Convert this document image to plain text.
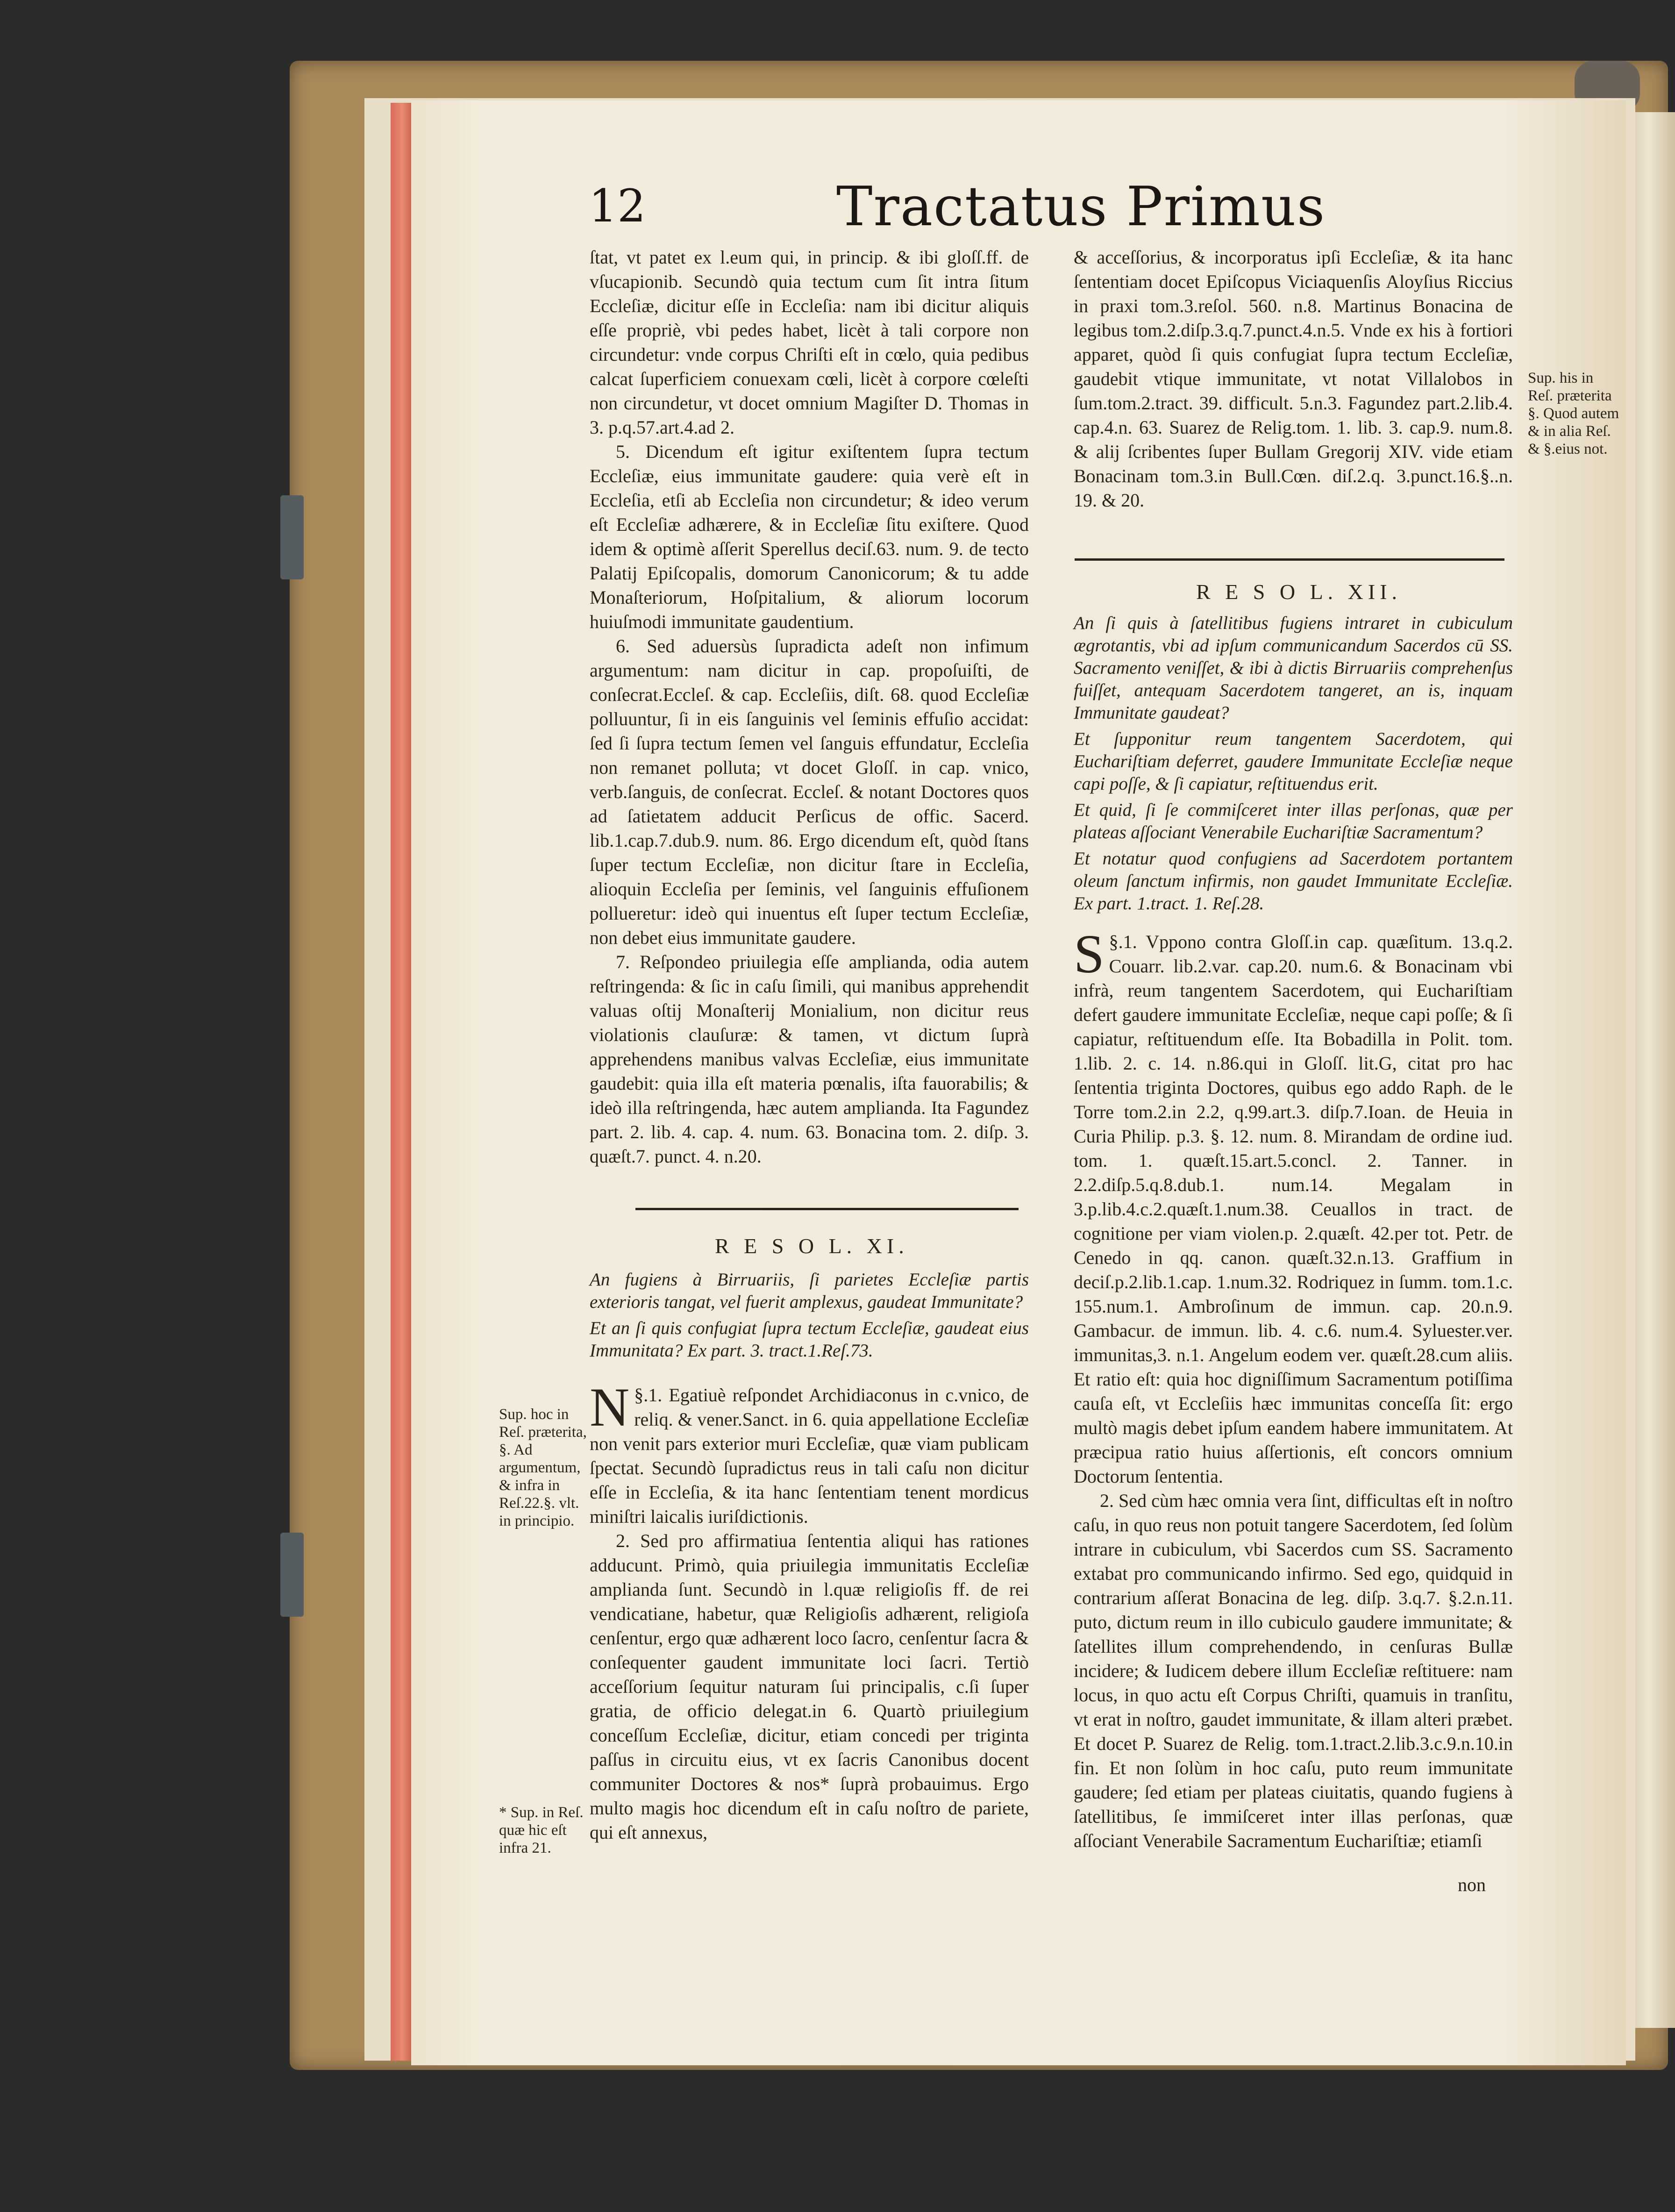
12	Tractatus Primus

ſtat, vt patet ex l.eum qui, in princip. & ibi gloſſ.ff. de vſucapionib. Secundò quia tectum cum ſit intra ſitum Eccleſiæ, dicitur eſſe in Eccleſia: nam ibi dicitur aliquis eſſe propriè, vbi pedes habet, licèt à tali corpore non circundetur: vnde corpus Chriſti eſt in cœlo, quia pedibus calcat ſuperficiem conuexam cœli, licèt à corpore cœleſti non circundetur, vt docet omnium Magiſter D. Thomas in 3. p.q.57.art.4.ad 2.

5. Dicendum eſt igitur exiſtentem ſupra tectum Eccleſiæ, eius immunitate gaudere: quia verè eſt in Eccleſia, etſi ab Eccleſia non circundetur; & ideo verum eſt Eccleſiæ adhærere, & in Eccleſiæ ſitu exiſtere. Quod idem & optimè aſſerit Sperellus deciſ.63. num. 9. de tecto Palatij Epiſcopalis, domorum Canonicorum; & tu adde Monaſteriorum, Hoſpitalium, & aliorum locorum huiuſmodi immunitate gaudentium.

6. Sed aduersùs ſupradicta adeſt non infimum argumentum: nam dicitur in cap. propoſuiſti, de conſecrat.Eccleſ. & cap. Eccleſiis, diſt. 68. quod Eccleſiæ polluuntur, ſi in eis ſanguinis vel ſeminis effuſio accidat: ſed ſi ſupra tectum ſemen vel ſanguis effundatur, Eccleſia non remanet polluta; vt docet Gloſſ. in cap. vnico, verb.ſanguis, de conſecrat. Eccleſ. & notant Doctores quos ad ſatietatem adducit Perſicus de offic. Sacerd. lib.1.cap.7.dub.9. num. 86. Ergo dicendum eſt, quòd ſtans ſuper tectum Eccleſiæ, non dicitur ſtare in Eccleſia, alioquin Eccleſia per ſeminis, vel ſanguinis effuſionem pollueretur: ideò qui inuentus eſt ſuper tectum Eccleſiæ, non debet eius immunitate gaudere.

7. Reſpondeo priuilegia eſſe amplianda, odia autem reſtringenda: & ſic in caſu ſimili, qui manibus apprehendit valuas oſtij Monaſterij Monialium, non dicitur reus violationis clauſuræ: & tamen, vt dictum ſuprà apprehendens manibus valvas Eccleſiæ, eius immunitate gaudebit: quia illa eſt materia pœnalis, iſta fauorabilis; & ideò illa reſtringenda, hæc autem amplianda. Ita Fagundez part. 2. lib. 4. cap. 4. num. 63. Bonacina tom. 2. diſp. 3. quæſt.7. punct. 4. n.20.

R E S O L. XI.

An fugiens à Birruariis, ſi parietes Eccleſiæ partis exterioris tangat, vel fuerit amplexus, gaudeat Immunitate?

Et an ſi quis confugiat ſupra tectum Eccleſiæ, gaudeat eius Immunitata? Ex part. 3. tract.1.Reſ.73.

N §.1. Egatiuè reſpondet Archidiaconus in c.vnico, de reliq. & vener.Sanct. in 6. quia appellatione Eccleſiæ non venit pars exterior muri Eccleſiæ, quæ viam publicam ſpectat. Secundò ſupradictus reus in tali caſu non dicitur eſſe in Eccleſia, & ita hanc ſententiam tenent mordicus miniſtri laicalis iuriſdictionis.

2. Sed pro affirmatiua ſententia aliqui has rationes adducunt. Primò, quia priuilegia immunitatis Eccleſiæ amplianda ſunt. Secundò in l.quæ religioſis ff. de rei vendicatiane, habetur, quæ Religioſis adhærent, religioſa cenſentur, ergo quæ adhærent loco ſacro, cenſentur ſacra & conſequenter gaudent immunitate loci ſacri. Tertiò acceſſorium ſequitur naturam ſui principalis, c.ſi ſuper gratia, de officio delegat.in 6. Quartò priuilegium conceſſum Eccleſiæ, dicitur, etiam concedi per triginta paſſus in circuitu eius, vt ex ſacris Canonibus docent communiter Doctores & nos* ſuprà probauimus. Ergo multo magis hoc dicendum eſt in caſu noſtro de pariete, qui eſt annexus,

Sup. hoc in Reſ. præterita, §. Ad argumentum, & infra in Reſ.22.§. vlt. in principio.
* Sup. in Reſ. quæ hic eſt infra 21.

& acceſſorius, & incorporatus ipſi Eccleſiæ, & ita hanc ſententiam docet Epiſcopus Viciaquenſis Aloyſius Riccius in praxi tom.3.reſol. 560. n.8. Martinus Bonacina de legibus tom.2.diſp.3.q.7.punct.4.n.5. Vnde ex his à fortiori apparet, quòd ſi quis confugiat ſupra tectum Eccleſiæ, gaudebit vtique immunitate, vt notat Villalobos in ſum.tom.2.tract. 39. difficult. 5.n.3. Fagundez part.2.lib.4. cap.4.n. 63. Suarez de Relig.tom. 1. lib. 3. cap.9. num.8. & alij ſcribentes ſuper Bullam Gregorij XIV. vide etiam Bonacinam tom.3.in Bull.Cœn. diſ.2.q. 3.punct.16.§..n. 19. & 20.

Sup. his in Reſ. præterita §. Quod autem & in alia Reſ. & §.eius not.
R E S O L. XII.

An ſi quis à ſatellitibus fugiens intraret in cubiculum ægrotantis, vbi ad ipſum communicandum Sacerdos cū SS. Sacramento veniſſet, & ibi à dictis Birruariis comprehenſus fuiſſet, antequam Sacerdotem tangeret, an is, inquam Immunitate gaudeat?

Et ſupponitur reum tangentem Sacerdotem, qui Euchariſtiam deferret, gaudere Immunitate Eccleſiæ neque capi poſſe, & ſi capiatur, reſtituendus erit.

Et quid, ſi ſe commiſceret inter illas perſonas, quæ per plateas aſſociant Venerabile Euchariſtiæ Sacramentum?

Et notatur quod confugiens ad Sacerdotem portantem oleum ſanctum infirmis, non gaudet Immunitate Eccleſiæ. Ex part. 1.tract. 1. Reſ.28.

S §.1. Vppono contra Gloſſ.in cap. quæſitum. 13.q.2. Couarr. lib.2.var. cap.20. num.6. & Bonacinam vbi infrà, reum tangentem Sacerdotem, qui Euchariſtiam defert gaudere immunitate Eccleſiæ, neque capi poſſe; & ſi capiatur, reſtituendum eſſe. Ita Bobadilla in Polit. tom. 1.lib. 2. c. 14. n.86.qui in Gloſſ. lit.G, citat pro hac ſententia triginta Doctores, quibus ego addo Raph. de le Torre tom.2.in 2.2, q.99.art.3. diſp.7.Ioan. de Heuia in Curia Philip. p.3. §. 12. num. 8. Mirandam de ordine iud. tom. 1. quæſt.15.art.5.concl. 2. Tanner. in 2.2.diſp.5.q.8.dub.1. num.14. Megalam in 3.p.lib.4.c.2.quæſt.1.num.38. Ceuallos in tract. de cognitione per viam violen.p. 2.quæſt. 42.per tot. Petr. de Cenedo in qq. canon. quæſt.32.n.13. Graffium in deciſ.p.2.lib.1.cap. 1.num.32. Rodriquez in ſumm. tom.1.c. 155.num.1. Ambroſinum de immun. cap. 20.n.9. Gambacur. de immun. lib. 4. c.6. num.4. Syluester.ver. immunitas,3. n.1. Angelum eodem ver. quæſt.28.cum aliis. Et ratio eſt: quia hoc digniſſimum Sacramentum potiſſima cauſa eſt, vt Eccleſiis hæc immunitas conceſſa ſit: ergo multò magis debet ipſum eandem habere immunitatem. At præcipua ratio huius aſſertionis, eſt concors omnium Doctorum ſententia.

2. Sed cùm hæc omnia vera ſint, difficultas eſt in noſtro caſu, in quo reus non potuit tangere Sacerdotem, ſed ſolùm intrare in cubiculum, vbi Sacerdos cum SS. Sacramento extabat pro communicando infirmo. Sed ego, quidquid in contrarium aſſerat Bonacina de leg. diſp. 3.q.7. §.2.n.11. puto, dictum reum in illo cubiculo gaudere immunitate; & ſatellites illum comprehendendo, in cenſuras Bullæ incidere; & Iudicem debere illum Eccleſiæ reſtituere: nam locus, in quo actu eſt Corpus Chriſti, quamuis in tranſitu, vt erat in noſtro, gaudet immunitate, & illam alteri præbet. Et docet P. Suarez de Relig. tom.1.tract.2.lib.3.c.9.n.10.in fin. Et non ſolùm in hoc caſu, puto reum immunitate gaudere; ſed etiam per plateas ciuitatis, quando fugiens à ſatellitibus, ſe immiſceret inter illas perſonas, quæ aſſociant Venerabile Sacramentum Euchariſtiæ; etiamſi

non
